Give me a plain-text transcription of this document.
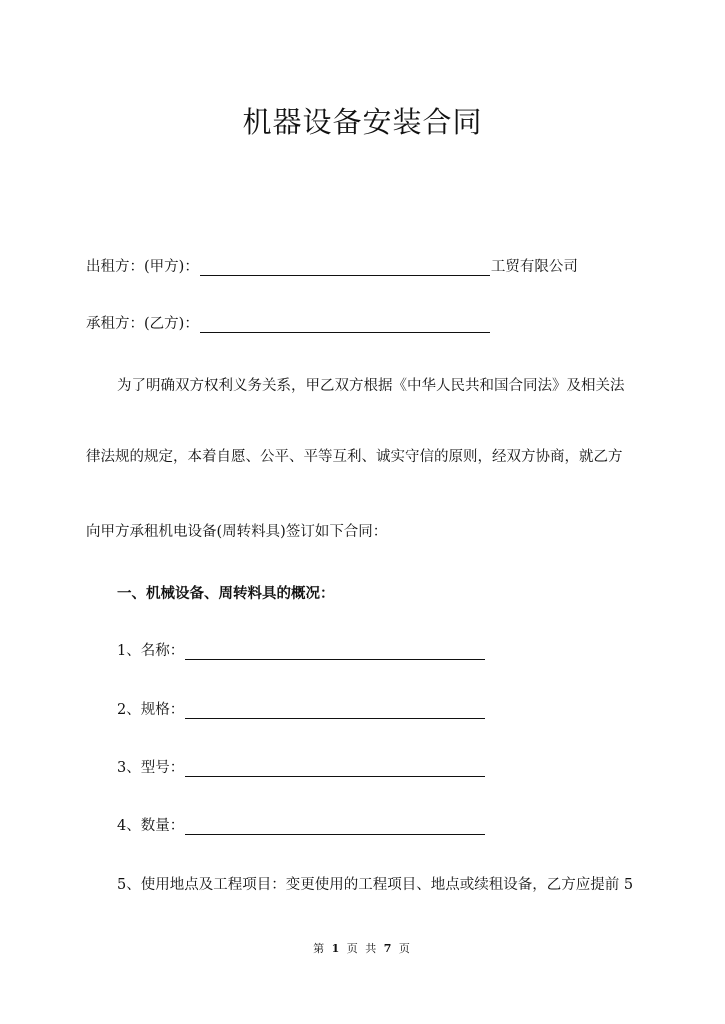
机器设备安装合同
出租方：(甲方)：	工贸有限公司
承租方：(乙方)：
为了明确双方权利义务关系，甲乙双方根据《中华人民共和国合同法》及相关法
律法规的规定，本着自愿、公平、平等互利、诚实守信的原则，经双方协商，就乙方
向甲方承租机电设备(周转料具)签订如下合同：
一、机械设备、周转料具的概况：
1、名称：
2、规格：
3、型号：
4、数量：
5、使用地点及工程项目：变更使用的工程项目、地点或续租设备，乙方应提前 5
第 1 页 共 7 页
